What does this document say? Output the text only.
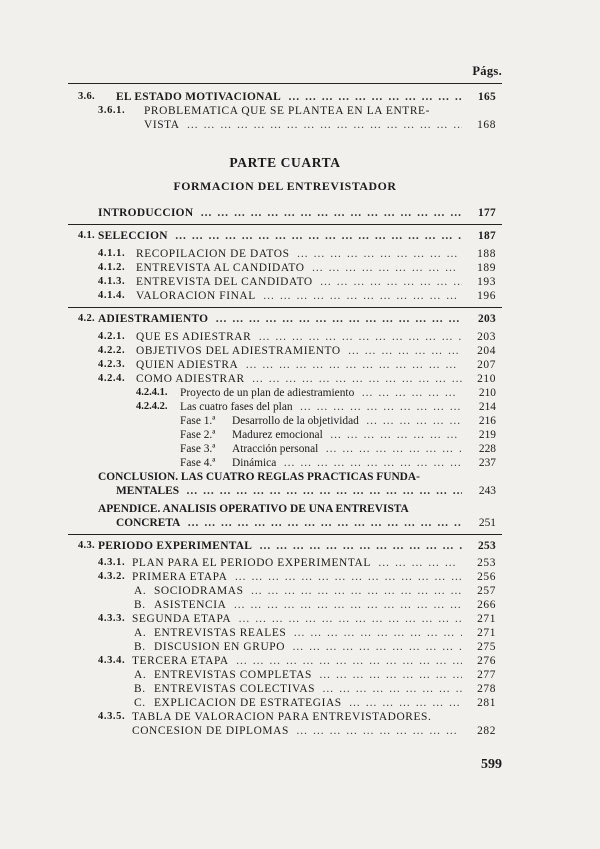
Págs.
3.6. EL ESTADO MOTIVACIONAL … … … … … … … … … … … … … … … … … … … … … … … … … … … … … … … … … … … … … …	165
3.6.1. PROBLEMATICA QUE SE PLANTEA EN LA ENTRE-
VISTA … … … … … … … … … … … … … … … … … … … … … … … … … … … … … … … … … … … … … …	168
PARTE CUARTA
FORMACION DEL ENTREVISTADOR
INTRODUCCION … … … … … … … … … … … … … … … … … … … … … … … … … … … … … … … … … … … … … …	177
4.1. SELECCION … … … … … … … … … … … … … … … … … … … … … … … … … … … … … … … … … … … … … …	187
4.1.1. RECOPILACION DE DATOS … … … … … … … … … … … … … … … … … … … … … … … … … … … … … … … … … … … … … …	188
4.1.2. ENTREVISTA AL CANDIDATO … … … … … … … … … … … … … … … … … … … … … … … … … … … … … … … … … … … … … …	189
4.1.3. ENTREVISTA DEL CANDIDATO … … … … … … … … … … … … … … … … … … … … … … … … … … … … … … … … … … … … … …	193
4.1.4. VALORACION FINAL … … … … … … … … … … … … … … … … … … … … … … … … … … … … … … … … … … … … … …	196
4.2. ADIESTRAMIENTO … … … … … … … … … … … … … … … … … … … … … … … … … … … … … … … … … … … … … …	203
4.2.1. QUE ES ADIESTRAR … … … … … … … … … … … … … … … … … … … … … … … … … … … … … … … … … … … … … …	203
4.2.2. OBJETIVOS DEL ADIESTRAMIENTO … … … … … … … … … … … … … … … … … … … … … … … … … … … … … … … … … … … … … …	204
4.2.3. QUIEN ADIESTRA … … … … … … … … … … … … … … … … … … … … … … … … … … … … … … … … … … … … … …	207
4.2.4. COMO ADIESTRAR … … … … … … … … … … … … … … … … … … … … … … … … … … … … … … … … … … … … … …	210
4.2.4.1. Proyecto de un plan de adiestramiento … … … … … … … … … … … … … … … … … … … … … … … … … … … … … … … … … … … … … …	210
4.2.4.2. Las cuatro fases del plan … … … … … … … … … … … … … … … … … … … … … … … … … … … … … … … … … … … … … …	214
Fase 1.ª Desarrollo de la objetividad … … … … … … … … … … … … … … … … … … … … … … … … … … … … … … … … … … … … … …	216
Fase 2.ª Madurez emocional … … … … … … … … … … … … … … … … … … … … … … … … … … … … … … … … … … … … … …	219
Fase 3.ª Atracción personal … … … … … … … … … … … … … … … … … … … … … … … … … … … … … … … … … … … … … …	228
Fase 4.ª Dinámica … … … … … … … … … … … … … … … … … … … … … … … … … … … … … … … … … … … … … …	237
CONCLUSION. LAS CUATRO REGLAS PRACTICAS FUNDA-
MENTALES … … … … … … … … … … … … … … … … … … … … … … … … … … … … … … … … … … … … … …	243
APENDICE. ANALISIS OPERATIVO DE UNA ENTREVISTA
CONCRETA … … … … … … … … … … … … … … … … … … … … … … … … … … … … … … … … … … … … … …	251
4.3. PERIODO EXPERIMENTAL … … … … … … … … … … … … … … … … … … … … … … … … … … … … … … … … … … … … … …	253
4.3.1. PLAN PARA EL PERIODO EXPERIMENTAL … … … … … … … … … … … … … … … … … … … … … … … … … … … … … … … … … … … … … …	253
4.3.2. PRIMERA ETAPA … … … … … … … … … … … … … … … … … … … … … … … … … … … … … … … … … … … … … …	256
A. SOCIODRAMAS … … … … … … … … … … … … … … … … … … … … … … … … … … … … … … … … … … … … … …	257
B. ASISTENCIA … … … … … … … … … … … … … … … … … … … … … … … … … … … … … … … … … … … … … …	266
4.3.3. SEGUNDA ETAPA … … … … … … … … … … … … … … … … … … … … … … … … … … … … … … … … … … … … … …	271
A. ENTREVISTAS REALES … … … … … … … … … … … … … … … … … … … … … … … … … … … … … … … … … … … … … …	271
B. DISCUSION EN GRUPO … … … … … … … … … … … … … … … … … … … … … … … … … … … … … … … … … … … … … …	275
4.3.4. TERCERA ETAPA … … … … … … … … … … … … … … … … … … … … … … … … … … … … … … … … … … … … … …	276
A. ENTREVISTAS COMPLETAS … … … … … … … … … … … … … … … … … … … … … … … … … … … … … … … … … … … … … …	277
B. ENTREVISTAS COLECTIVAS … … … … … … … … … … … … … … … … … … … … … … … … … … … … … … … … … … … … … …	278
C. EXPLICACION DE ESTRATEGIAS … … … … … … … … … … … … … … … … … … … … … … … … … … … … … … … … … … … … … …	281
4.3.5. TABLA DE VALORACION PARA ENTREVISTADORES.
CONCESION DE DIPLOMAS … … … … … … … … … … … … … … … … … … … … … … … … … … … … … … … … … … … … … …	282
599
